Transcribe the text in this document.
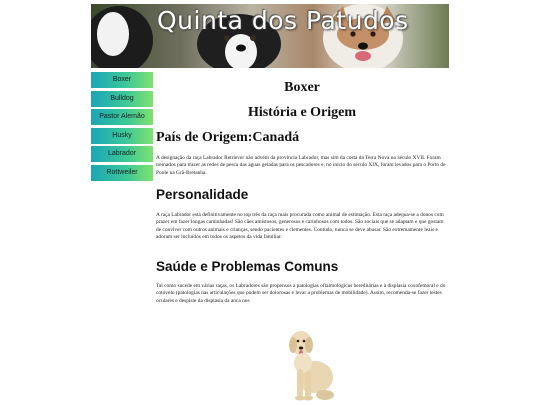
Quinta dos Patudos
Boxer
Bulldog
Pastor Alemão
Husky
Labrador
Rottweiler
Boxer
História e Origem
País de Origem:Canadá

A designação da raça Labrador Retriever não advém da província Labrador, mas sim da costa da Terra Nova no século XVII. Foram treinados para trazer as redes de pesca das águas geladas para os pescadores e, no início do século XIX, foram levados para o Porto de Poole na Grã-Bretanha.

Personalidade

A raça Labrador está definitivamente no top três da raça mais procurada como animal de estimação. Esta raça adequa-se a donos com prazer em fazer longas caminhadas! São cães amistosos, generosos e carinhosos com todos. São sociais que se adaptam e que gostam de conviver com outros animais e crianças, sendo pacientes e clementes. Contudo, nunca se deve abusar. São extremamente leais e adoram ser incluídos em todos os aspetos da vida familiar.

Saúde e Problemas Comuns

Tal como sucede em várias raças, os Labradores são propensos a patologias oftalmológicas hereditárias e à displasia coxofemoral e do cotovelo (patologias nas articulações que podem ser dolorosas e levar a problemas de mobilidade). Assim, recomenda-se fazer testes oculares e despiste da displasia da anca nos
